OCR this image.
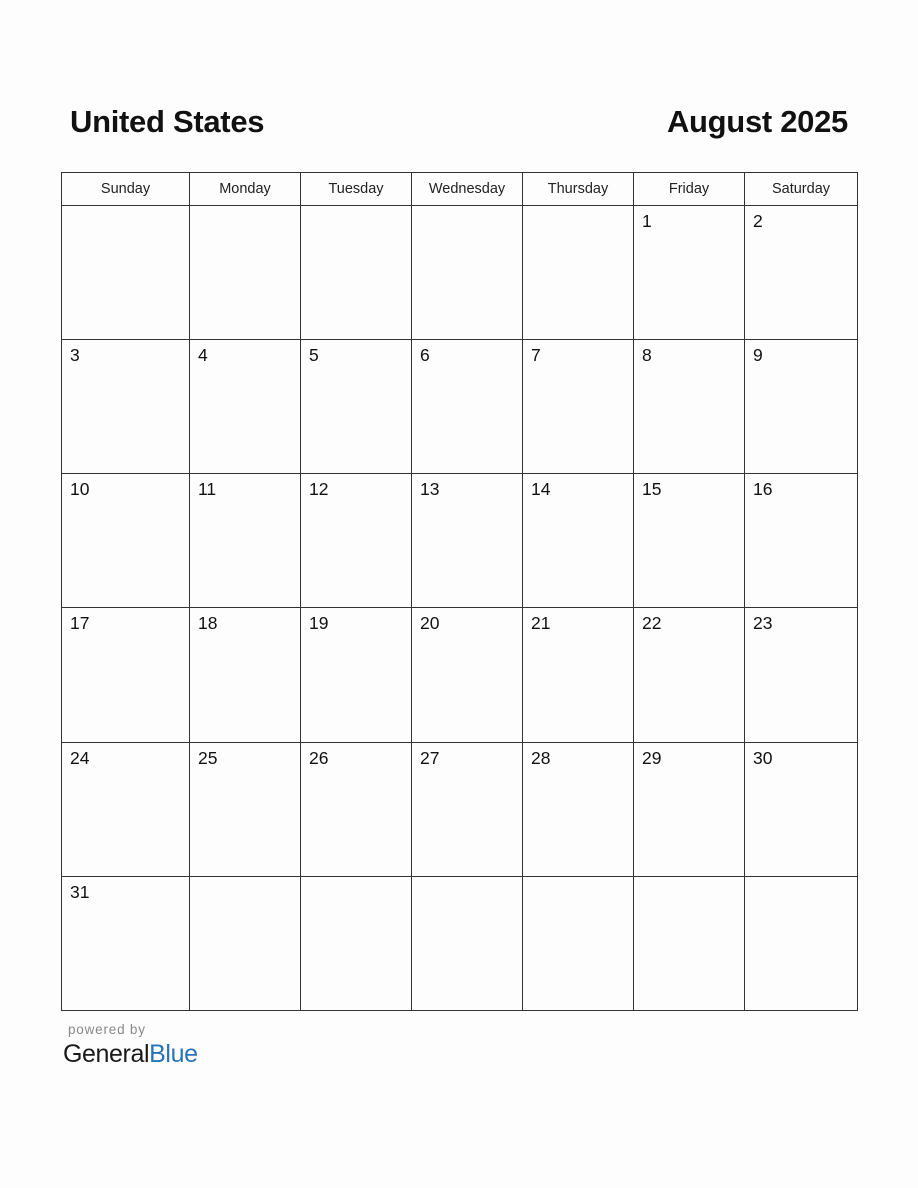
United States	August 2025
Sunday	Monday	Tuesday	Wednesday	Thursday	Friday	Saturday

					1	2

3	4	5	6	7	8	9

10	11	12	13	14	15	16

17	18	19	20	21	22	23

24	25	26	27	28	29	30

31						

powered by
GeneralBlue
